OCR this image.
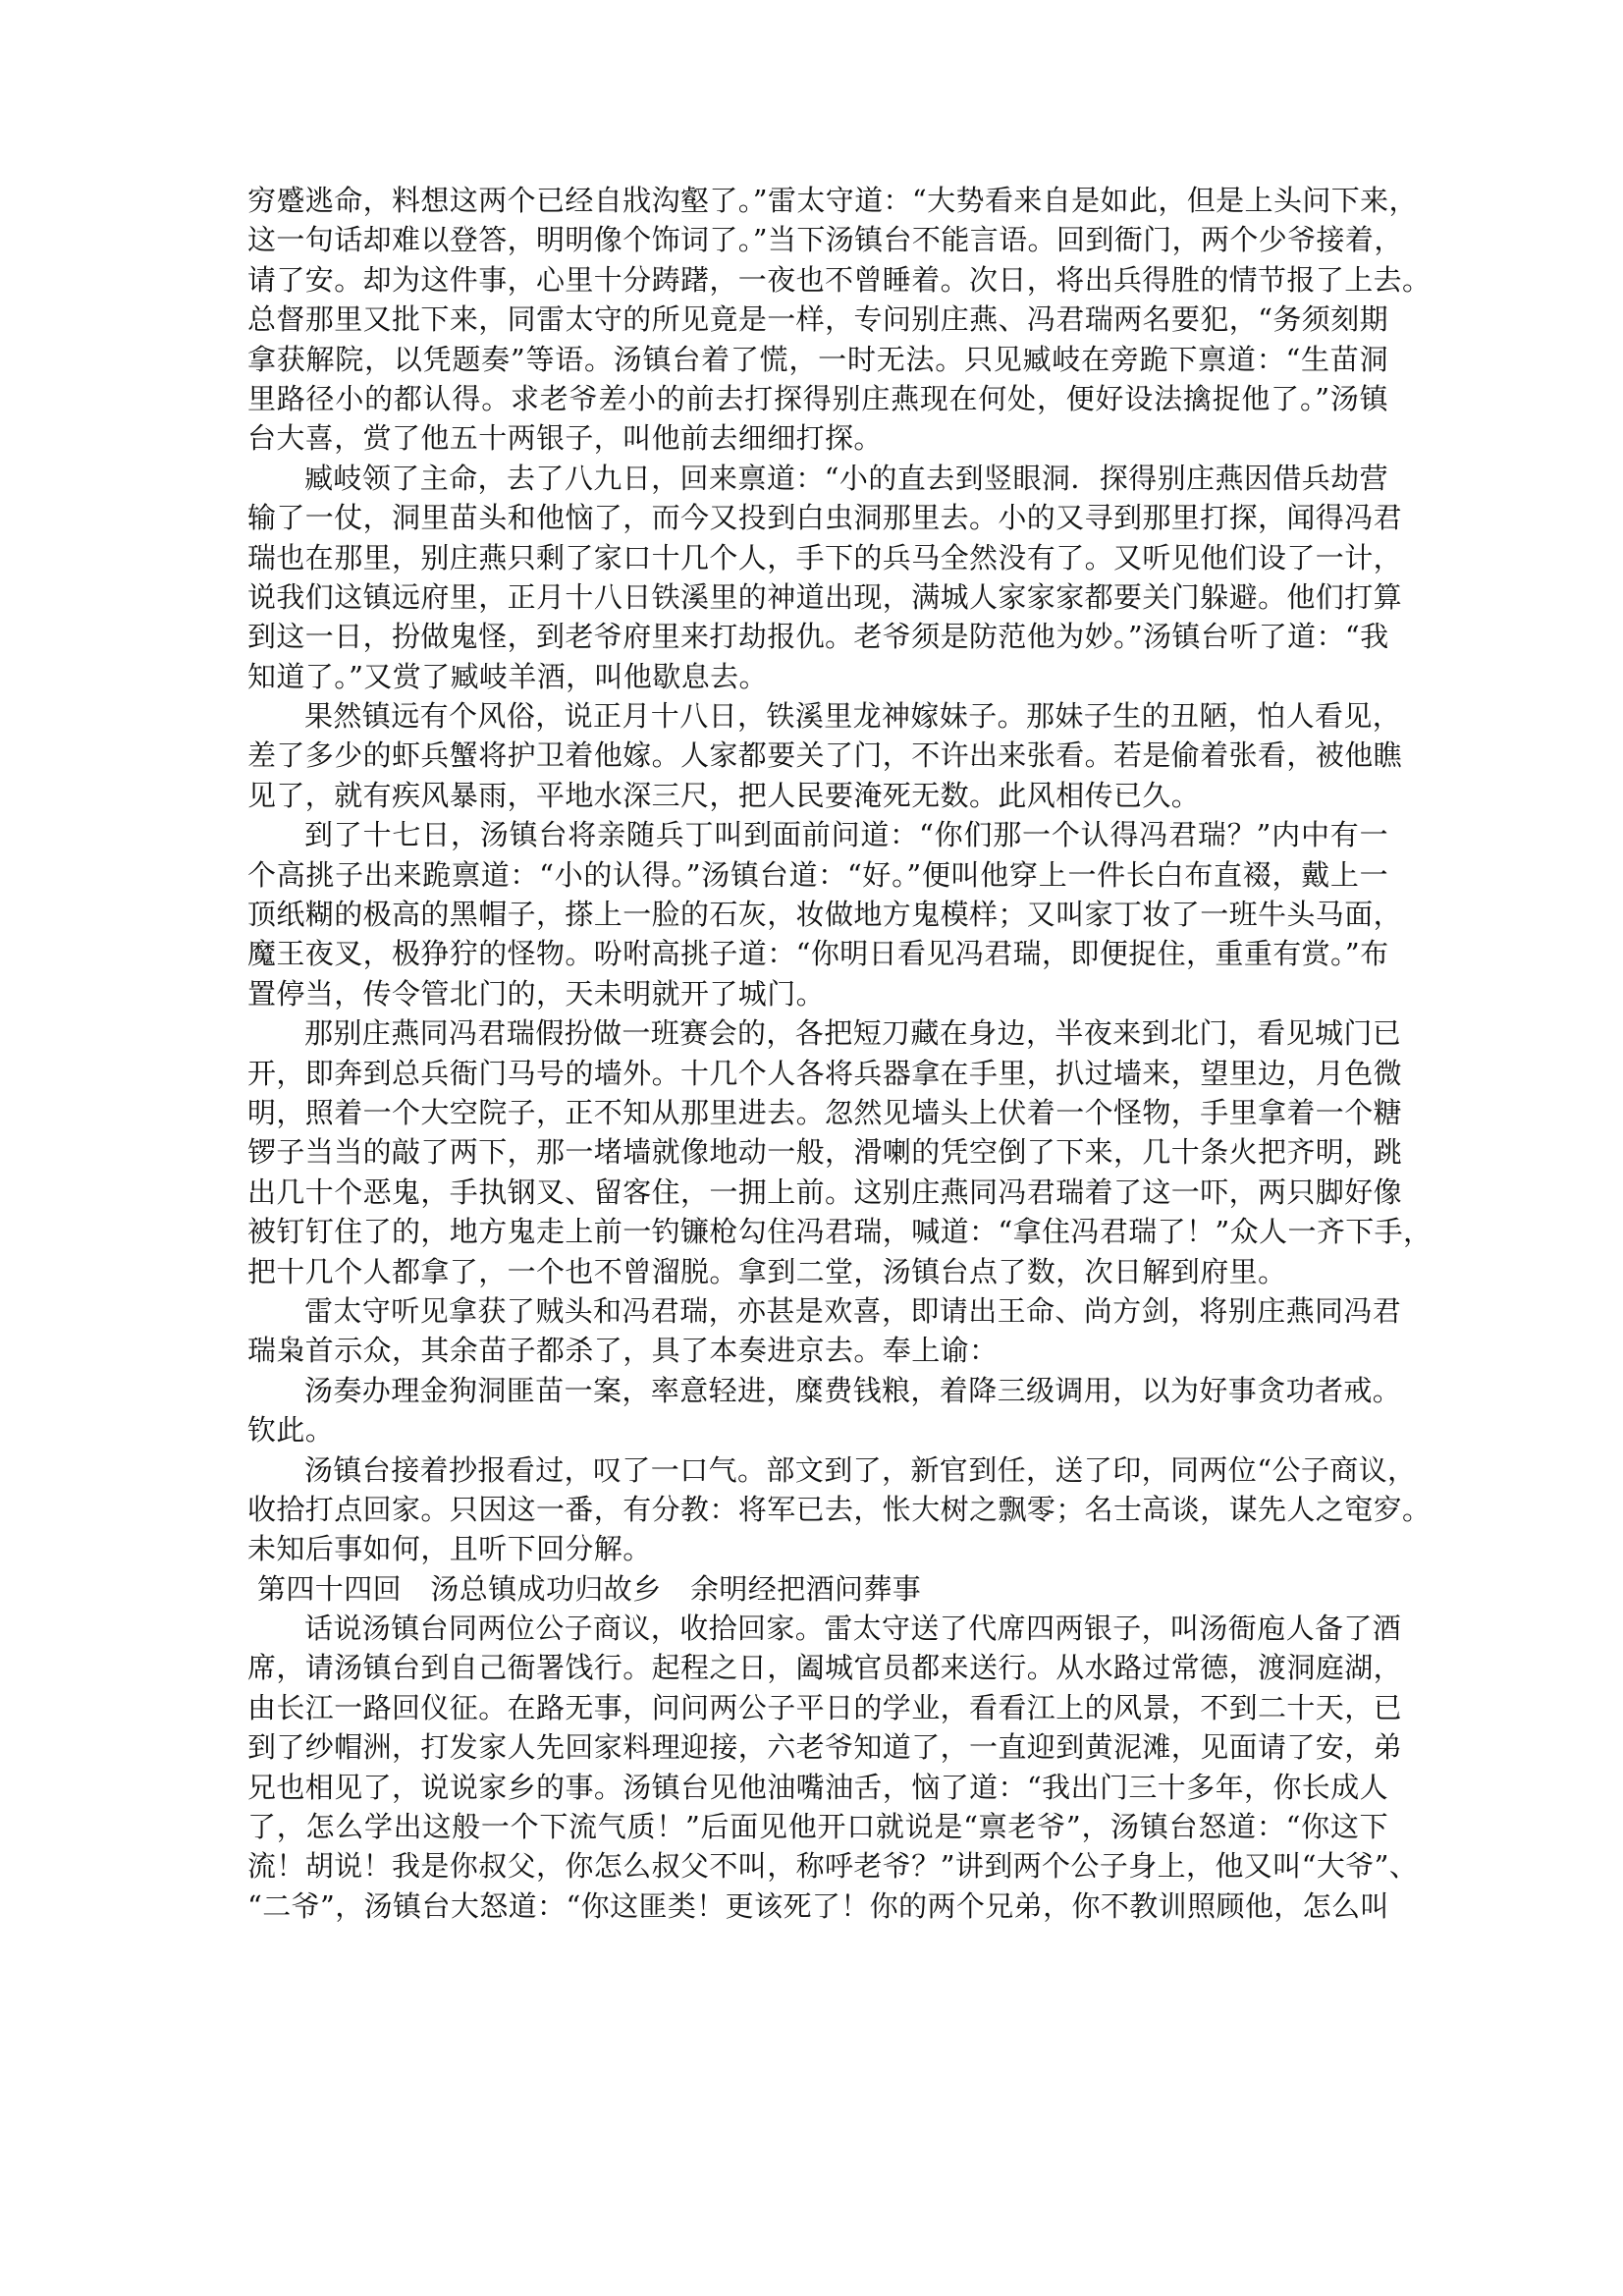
穷蹙逃命，料想这两个已经自戕沟壑了。”雷太守道：“大势看来自是如此，但是上头问下来，
这一句话却难以登答，明明像个饰词了。”当下汤镇台不能言语。回到衙门，两个少爷接着，
请了安。却为这件事，心里十分踌躇，一夜也不曾睡着。次日，将出兵得胜的情节报了上去。
总督那里又批下来，同雷太守的所见竟是一样，专问别庄燕、冯君瑞两名要犯，“务须刻期
拿获解院，以凭题奏”等语。汤镇台着了慌，一时无法。只见臧岐在旁跪下禀道：“生苗洞
里路径小的都认得。求老爷差小的前去打探得别庄燕现在何处，便好设法擒捉他了。”汤镇
台大喜，赏了他五十两银子，叫他前去细细打探。
臧岐领了主命，去了八九日，回来禀道：“小的直去到竖眼洞．探得别庄燕因借兵劫营
输了一仗，洞里苗头和他恼了，而今又投到白虫洞那里去。小的又寻到那里打探，闻得冯君
瑞也在那里，别庄燕只剩了家口十几个人，手下的兵马全然没有了。又听见他们设了一计，
说我们这镇远府里，正月十八日铁溪里的神道出现，满城人家家家都要关门躲避。他们打算
到这一日，扮做鬼怪，到老爷府里来打劫报仇。老爷须是防范他为妙。”汤镇台听了道：“我
知道了。”又赏了臧岐羊酒，叫他歇息去。
果然镇远有个风俗，说正月十八日，铁溪里龙神嫁妹子。那妹子生的丑陋，怕人看见，
差了多少的虾兵蟹将护卫着他嫁。人家都要关了门，不许出来张看。若是偷着张看，被他瞧
见了，就有疾风暴雨，平地水深三尺，把人民要淹死无数。此风相传已久。
到了十七日，汤镇台将亲随兵丁叫到面前问道：“你们那一个认得冯君瑞？”内中有一
个高挑子出来跪禀道：“小的认得。”汤镇台道：“好。”便叫他穿上一件长白布直裰，戴上一
顶纸糊的极高的黑帽子，搽上一脸的石灰，妆做地方鬼模样；又叫家丁妆了一班牛头马面，
魔王夜叉，极狰狞的怪物。吩咐高挑子道：“你明日看见冯君瑞，即便捉住，重重有赏。”布
置停当，传令管北门的，天未明就开了城门。
那别庄燕同冯君瑞假扮做一班赛会的，各把短刀藏在身边，半夜来到北门，看见城门已
开，即奔到总兵衙门马号的墙外。十几个人各将兵器拿在手里，扒过墙来，望里边，月色微
明，照着一个大空院子，正不知从那里进去。忽然见墙头上伏着一个怪物，手里拿着一个糖
锣子当当的敲了两下，那一堵墙就像地动一般，滑喇的凭空倒了下来，几十条火把齐明，跳
出几十个恶鬼，手执钢叉、留客住，一拥上前。这别庄燕同冯君瑞着了这一吓，两只脚好像
被钉钉住了的，地方鬼走上前一钓镰枪勾住冯君瑞，喊道：“拿住冯君瑞了！”众人一齐下手，
把十几个人都拿了，一个也不曾溜脱。拿到二堂，汤镇台点了数，次日解到府里。
雷太守听见拿获了贼头和冯君瑞，亦甚是欢喜，即请出王命、尚方剑，将别庄燕同冯君
瑞枭首示众，其余苗子都杀了，具了本奏进京去。奉上谕：
汤奏办理金狗洞匪苗一案，率意轻进，糜费钱粮，着降三级调用，以为好事贪功者戒。
钦此。
汤镇台接着抄报看过，叹了一口气。部文到了，新官到任，送了印，同两位“公子商议，
收拾打点回家。只因这一番，有分教：将军已去，怅大树之飘零；名士高谈，谋先人之窀穸。
未知后事如何，且听下回分解。
第四十四回　汤总镇成功归故乡　余明经把酒问葬事
话说汤镇台同两位公子商议，收拾回家。雷太守送了代席四两银子，叫汤衙庖人备了酒
席，请汤镇台到自己衙署饯行。起程之日，阖城官员都来送行。从水路过常德，渡洞庭湖，
由长江一路回仪征。在路无事，问问两公子平日的学业，看看江上的风景，不到二十天，已
到了纱帽洲，打发家人先回家料理迎接，六老爷知道了，一直迎到黄泥滩，见面请了安，弟
兄也相见了，说说家乡的事。汤镇台见他油嘴油舌，恼了道：“我出门三十多年，你长成人
了，怎么学出这般一个下流气质！”后面见他开口就说是“禀老爷”，汤镇台怒道：“你这下
流！胡说！我是你叔父，你怎么叔父不叫，称呼老爷？”讲到两个公子身上，他又叫“大爷”、
“二爷”，汤镇台大怒道：“你这匪类！更该死了！你的两个兄弟，你不教训照顾他，怎么叫
